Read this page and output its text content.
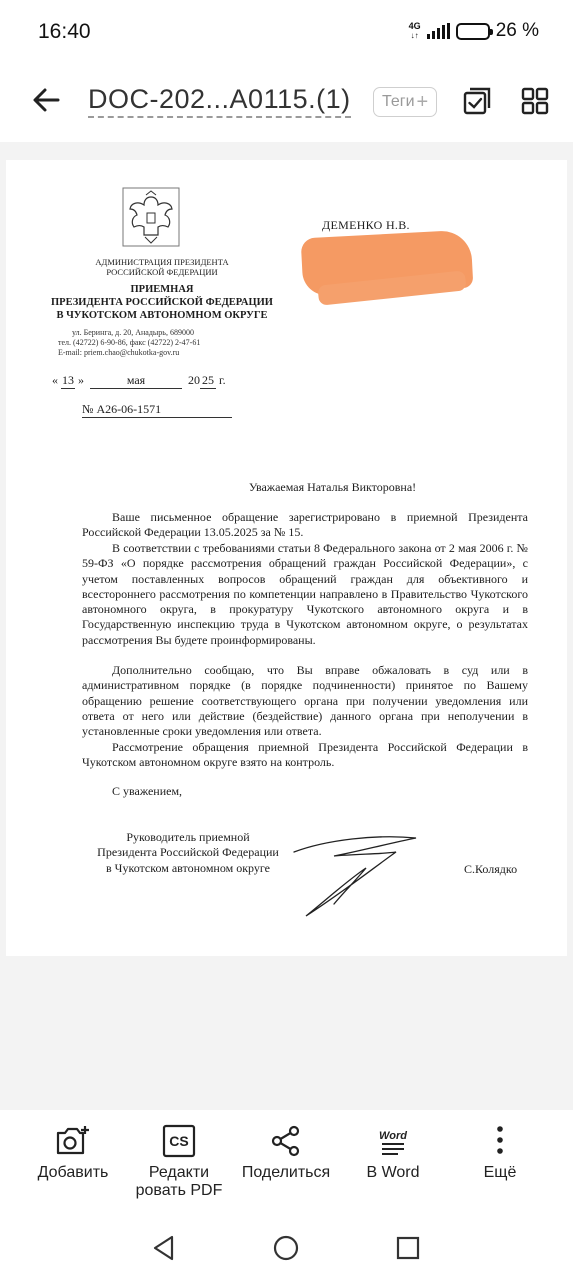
16:40	4G
↓↑	26 %
DOC-202...A0115.(1) Теги +
АДМИНИСТРАЦИЯ ПРЕЗИДЕНТА
РОССИЙСКОЙ ФЕДЕРАЦИИ
ПРИЕМНАЯ
ПРЕЗИДЕНТА РОССИЙСКОЙ ФЕДЕРАЦИИ
В ЧУКОТСКОМ АВТОНОМНОМ ОКРУГЕ
ул. Беринга, д. 20, Анадырь, 689000
тел. (42722) 6-90-86, факс (42722) 2-47-61
E-mail: priem.chao@chukotka-gov.ru
ДЕМЕНКО Н.В.
« 13 »	мая	20 25 г.
№ А26-06-1571
Уважаемая Наталья Викторовна!
Ваше письменное обращение зарегистрировано в приемной Президента Российской Федерации 13.05.2025 за № 15.
В соответствии с требованиями статьи 8 Федерального закона от 2 мая 2006 г. № 59-ФЗ «О порядке рассмотрения обращений граждан Российской Федерации», с учетом поставленных вопросов обращений граждан для объективного и всестороннего рассмотрения по компетенции направлено в Правительство Чукотского автономного округа, в прокуратуру Чукотского автономного округа и в Государственную инспекцию труда в Чукотском автономном округе, о результатах рассмотрения Вы будете проинформированы.
Дополнительно сообщаю, что Вы вправе обжаловать в суд или в административном порядке (в порядке подчиненности) принятое по Вашему обращению решение соответствующего органа при получении уведомления или ответа от него или действие (бездействие) данного органа при неполучении в установленные сроки уведомления или ответа.
Рассмотрение обращения приемной Президента Российской Федерации в Чукотском автономном округе взято на контроль.
С уважением,
Руководитель приемной
Президента Российской Федерации
в Чукотском автономном округе	С.Колядко
Добавить
CS
Редакти
ровать PDF
Поделиться
Word
В Word	Ещё
